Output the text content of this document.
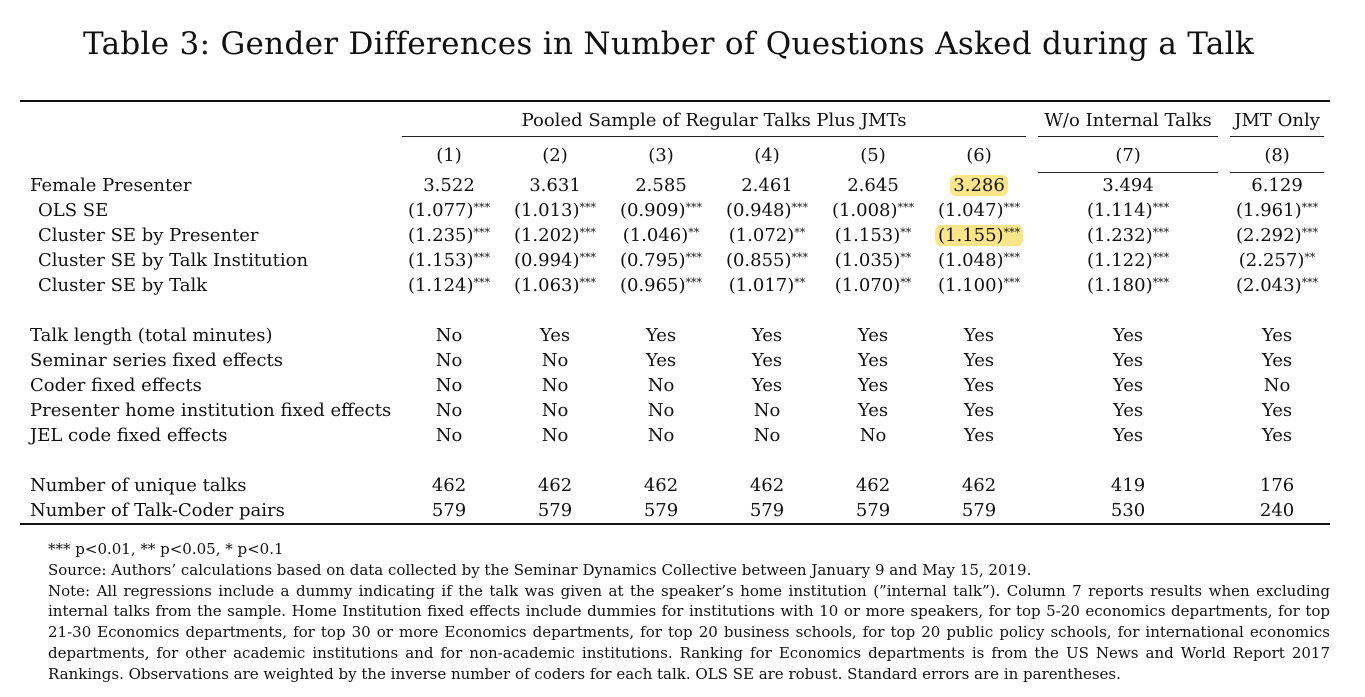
Table 3: Gender Differences in Number of Questions Asked during a Talk

	Pooled Sample of Regular Talks Plus JMTs						W/o Internal Talks	JMT Only

	(1)	(2)	(3)	(4)	(5)	(6)	(7)	(8)

Female Presenter	3.522	3.631	2.585	2.461	2.645	3.286	3.494	6.129
OLS SE	(1.077)***	(1.013)***	(0.909)***	(0.948)***	(1.008)***	(1.047)***	(1.114)***	(1.961)***
Cluster SE by Presenter	(1.235)***	(1.202)***	(1.046)**	(1.072)**	(1.153)**	(1.155)***	(1.232)***	(2.292)***
Cluster SE by Talk Institution	(1.153)***	(0.994)***	(0.795)***	(0.855)***	(1.035)**	(1.048)***	(1.122)***	(2.257)**
Cluster SE by Talk	(1.124)***	(1.063)***	(0.965)***	(1.017)**	(1.070)**	(1.100)***	(1.180)***	(2.043)***

Talk length (total minutes)	No	Yes	Yes	Yes	Yes	Yes	Yes	Yes
Seminar series fixed effects	No	No	Yes	Yes	Yes	Yes	Yes	Yes
Coder fixed effects	No	No	No	Yes	Yes	Yes	Yes	No
Presenter home institution fixed effects	No	No	No	No	Yes	Yes	Yes	Yes
JEL code fixed effects	No	No	No	No	No	Yes	Yes	Yes

Number of unique talks	462	462	462	462	462	462	419	176
Number of Talk-Coder pairs	579	579	579	579	579	579	530	240
*** p<0.01, ** p<0.05, * p<0.1
Source: Authors’ calculations based on data collected by the Seminar Dynamics Collective between January 9 and May 15, 2019.
Note: All regressions include a dummy indicating if the talk was given at the speaker’s home institution (”internal talk”). Column 7 reports results when excluding internal talks from the sample. Home Institution fixed effects include dummies for institutions with 10 or more speakers, for top 5-20 economics departments, for top 21-30 Economics departments, for top 30 or more Economics departments, for top 20 business schools, for top 20 public policy schools, for international economics departments, for other academic institutions and for non-academic institutions. Ranking for Economics departments is from the US News and World Report 2017 Rankings. Observations are weighted by the inverse number of coders for each talk. OLS SE are robust. Standard errors are in parentheses.
